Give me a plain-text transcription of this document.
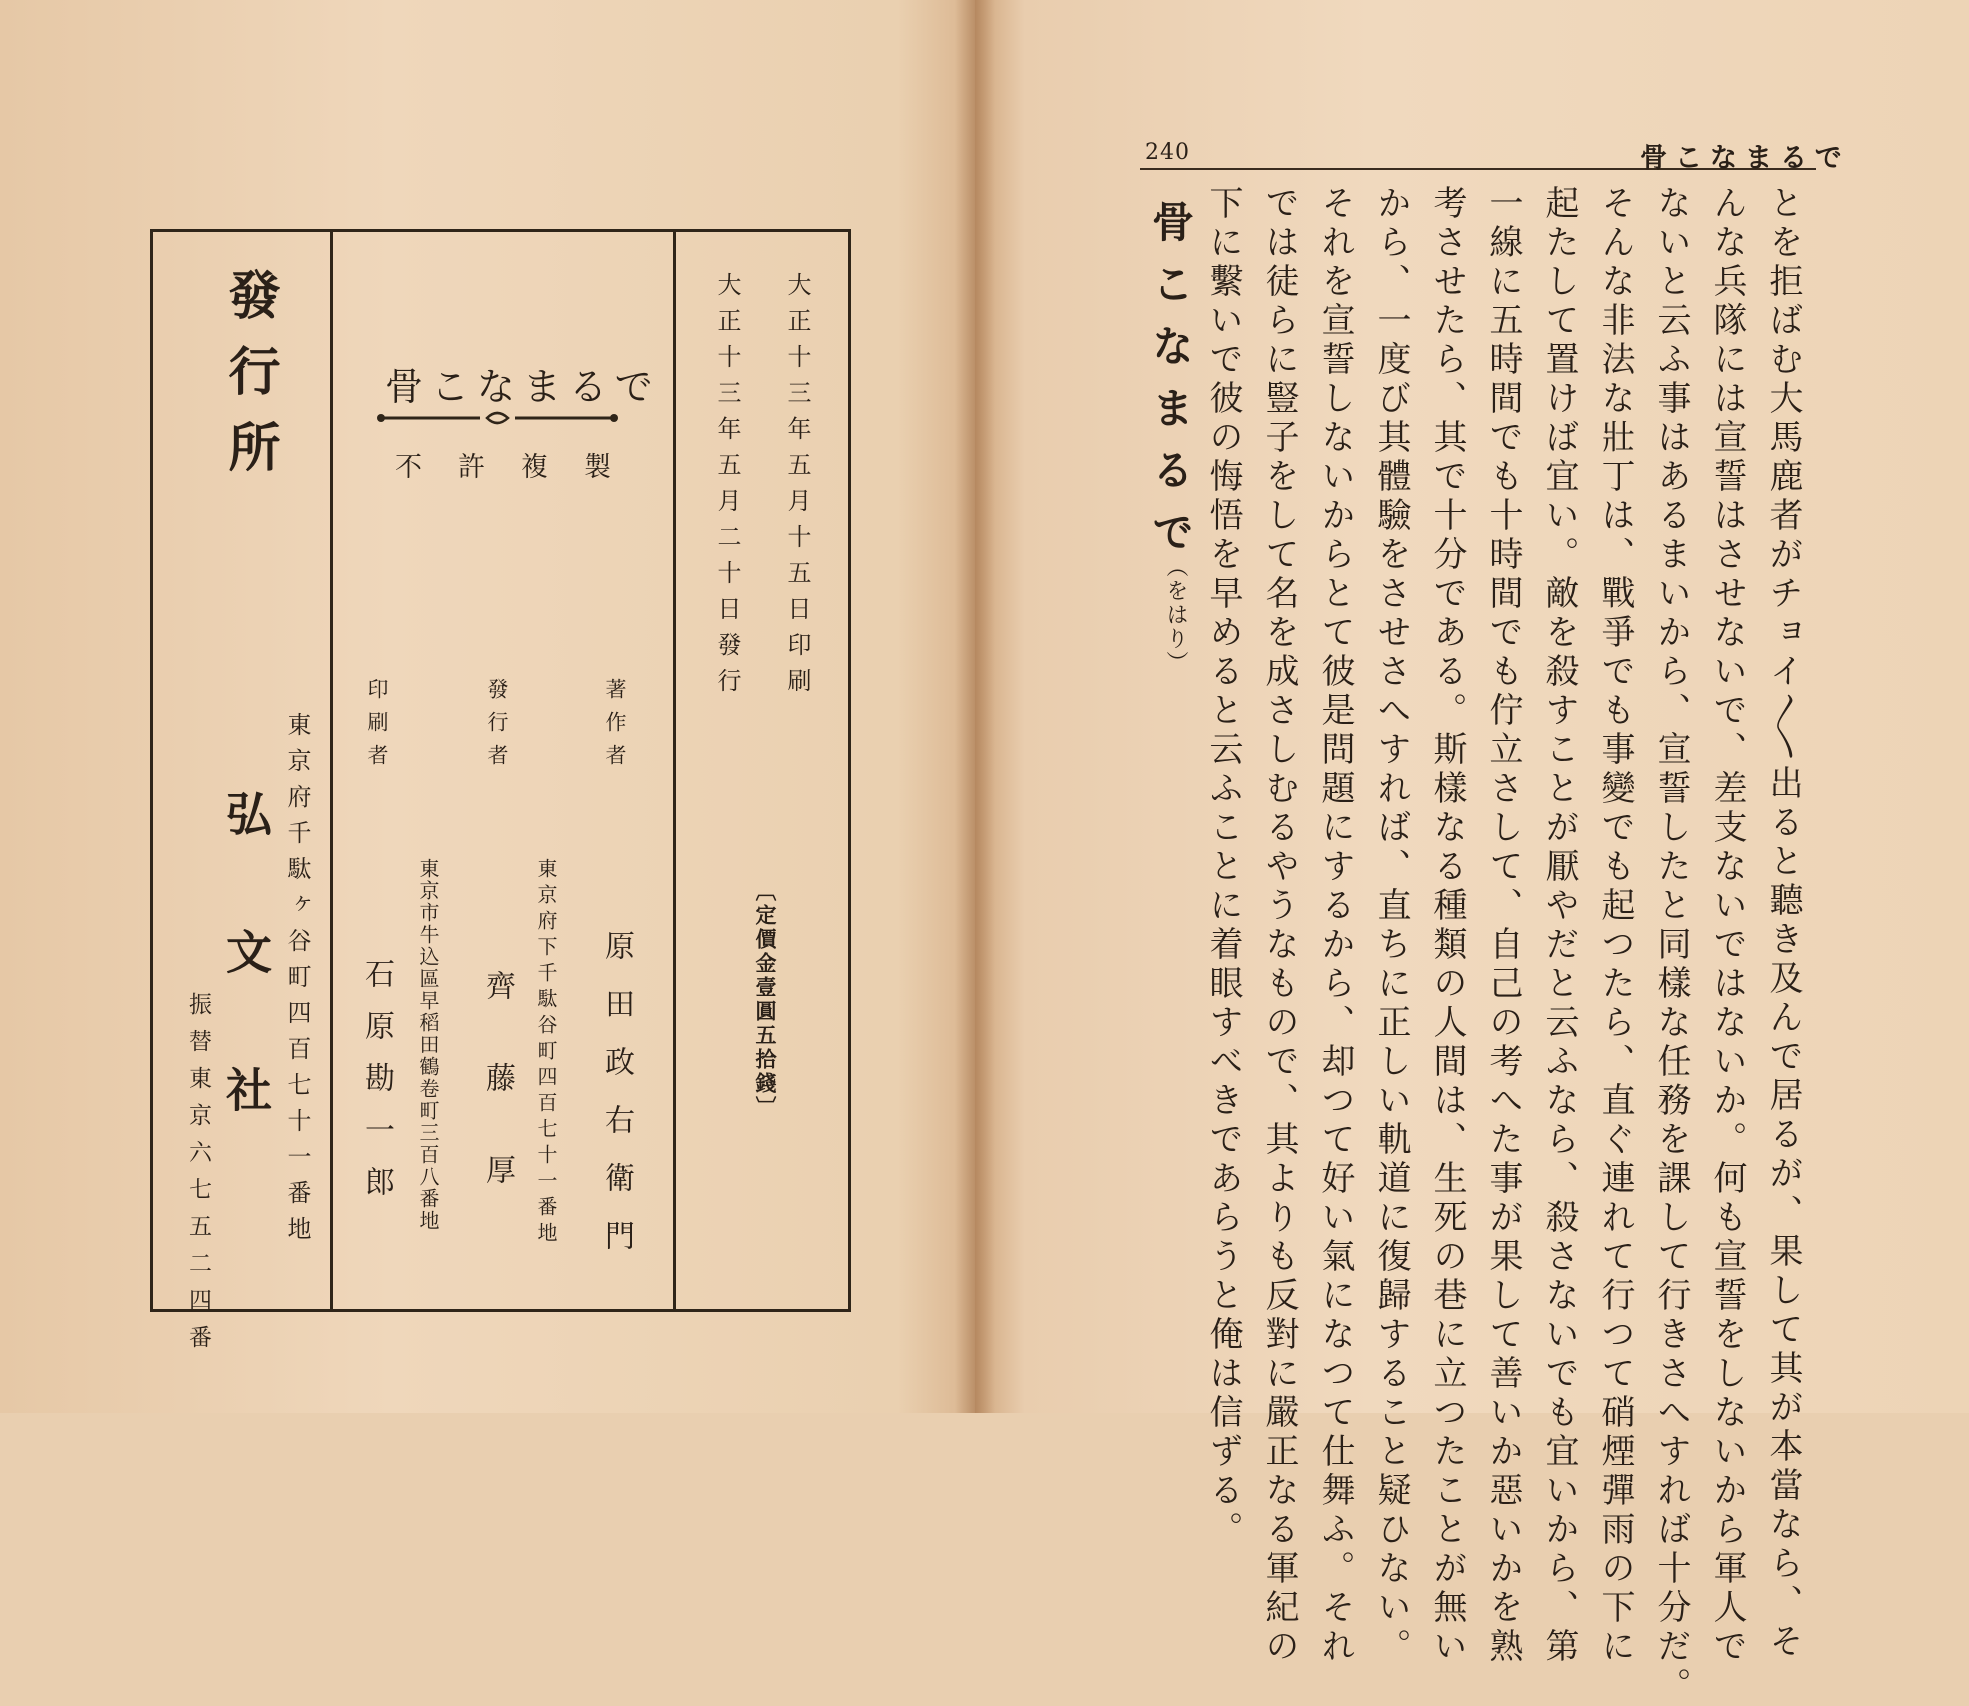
發行所
東京府千駄ヶ谷町四百七十一番地
弘文社
振替東京六七五二四番
骨こなまるで
不許複製	大正十三年五月十五日印刷
大正十三年五月二十日發行
〔定價金壹圓五拾錢〕
著作者
原田政右衛門
發行者
東京府下千駄谷町四百七十一番地
齊藤厚
印刷者
東京市牛込區早稻田鶴卷町三百八番地
石原勘一郎
240	骨こなまるで
とを拒ばむ大馬鹿者がチョイ〳〵出ると聽き及んで居るが、果して其が本當なら、そ
んな兵隊には宣誓はさせないで、差支ないではないか。何も宣誓をしないから軍人で
ないと云ふ事はあるまいから、宣誓したと同樣な任務を課して行きさへすれば十分だ。
そんな非法な壯丁は、戰爭でも事變でも起つたら、直ぐ連れて行つて硝煙彈雨の下に
起たして置けば宜い。敵を殺すことが厭やだと云ふなら、殺さないでも宜いから、第
一線に五時間でも十時間でも佇立さして、自己の考へた事が果して善いか惡いかを熟
考させたら、其で十分である。斯樣なる種類の人間は、生死の巷に立つたことが無い
から、一度び其體驗をさせさへすれば、直ちに正しい軌道に復歸すること疑ひない。
それを宣誓しないからとて彼是問題にするから、却つて好い氣になつて仕舞ふ。それ
では徒らに豎子をして名を成さしむるやうなもので、其よりも反對に嚴正なる軍紀の
下に繫いで彼の悔悟を早めると云ふことに着眼すべきであらうと俺は信ずる。
骨こなまるで
（をはり）
